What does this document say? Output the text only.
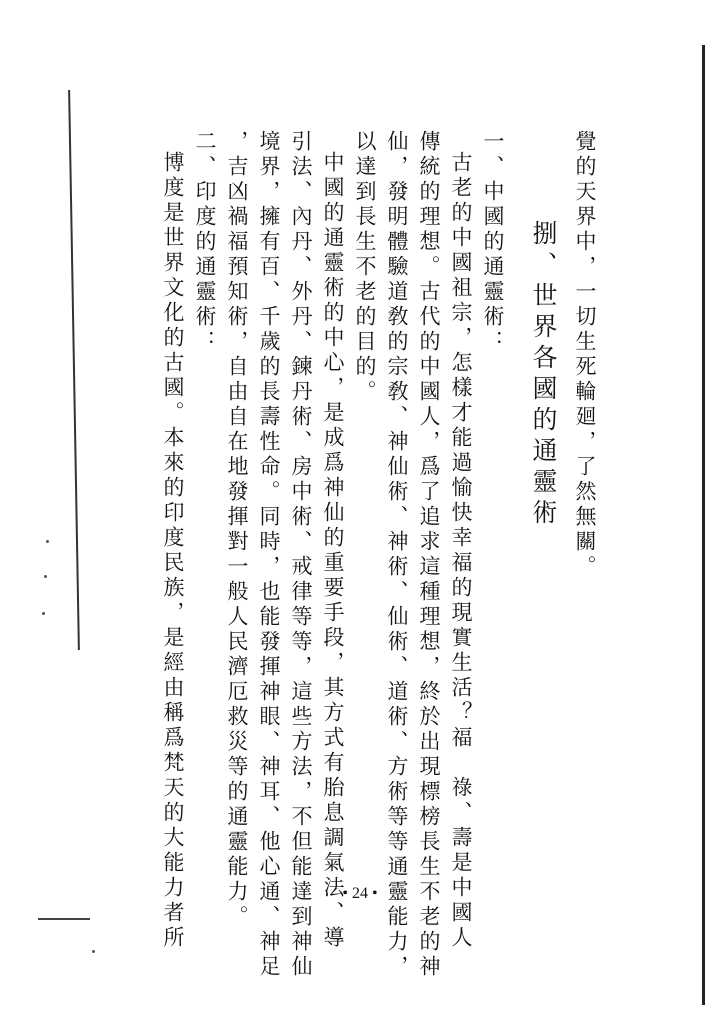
覺的天界中，一切生死輪廻，了然無關。
捌、世界各國的通靈術
一、中國的通靈術：
古老的中國祖宗，怎樣才能過愉快幸福的現實生活？福　祿、壽是中國人
傳統的理想。古代的中國人，爲了追求這種理想，終於出現標榜長生不老的神
仙，發明體驗道敎的宗敎、神仙術、神術、仙術、道術、方術等等通靈能力，
以達到長生不老的目的。
中國的通靈術的中心，是成爲神仙的重要手段，其方式有胎息調氣法、導
引法、內丹、外丹、鍊丹術、房中術、戒律等等，這些方法，不但能達到神仙
境界，擁有百、千歲的長壽性命。同時，也能發揮神眼、神耳、他心通、神足
，吉凶禍福預知術，自由自在地發揮對一般人民濟厄救災等的通靈能力。
二、印度的通靈術：
博度是世界文化的古國。本來的印度民族，是經由稱爲梵天的大能力者所	• 24 •
